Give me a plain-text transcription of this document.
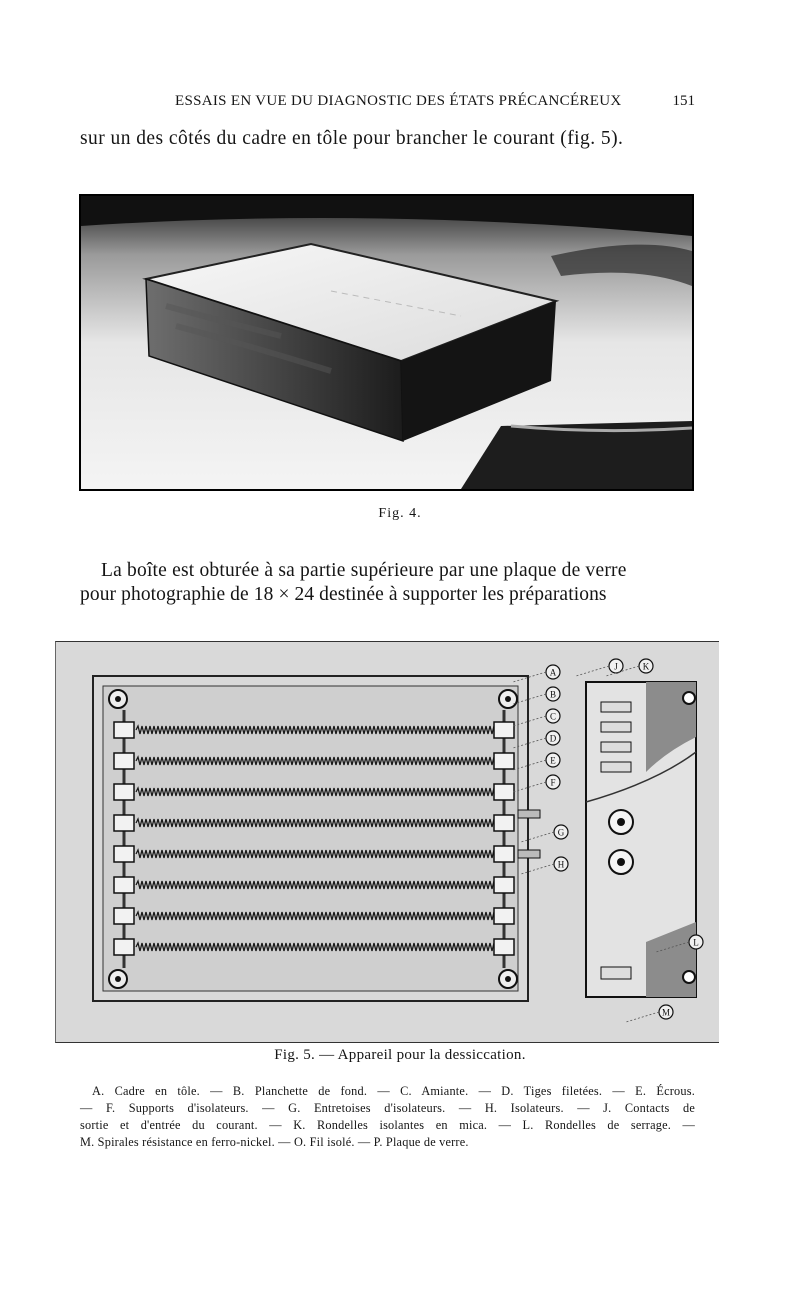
ESSAIS EN VUE DU DIAGNOSTIC DES ÉTATS PRÉCANCÉREUX	151
sur un des côtés du cadre en tôle pour brancher le courant (fig. 5).
Fig. 4.
La boîte est obturée à sa partie supérieure par une plaque de verre
pour photographie de 18 × 24 destinée à supporter les préparations
A
B
C
D
E
F
G
H
J	K
L
M
Fig. 5. — Appareil pour la dessiccation.
A. Cadre en tôle. — B. Planchette de fond. — C. Amiante. — D. Tiges filetées. — E. Écrous.
— F. Supports d'isolateurs. — G. Entretoises d'isolateurs. — H. Isolateurs. — J. Contacts de
sortie et d'entrée du courant. — K. Rondelles isolantes en mica. — L. Rondelles de serrage. —
M. Spirales résistance en ferro-nickel. — O. Fil isolé. — P. Plaque de verre.
